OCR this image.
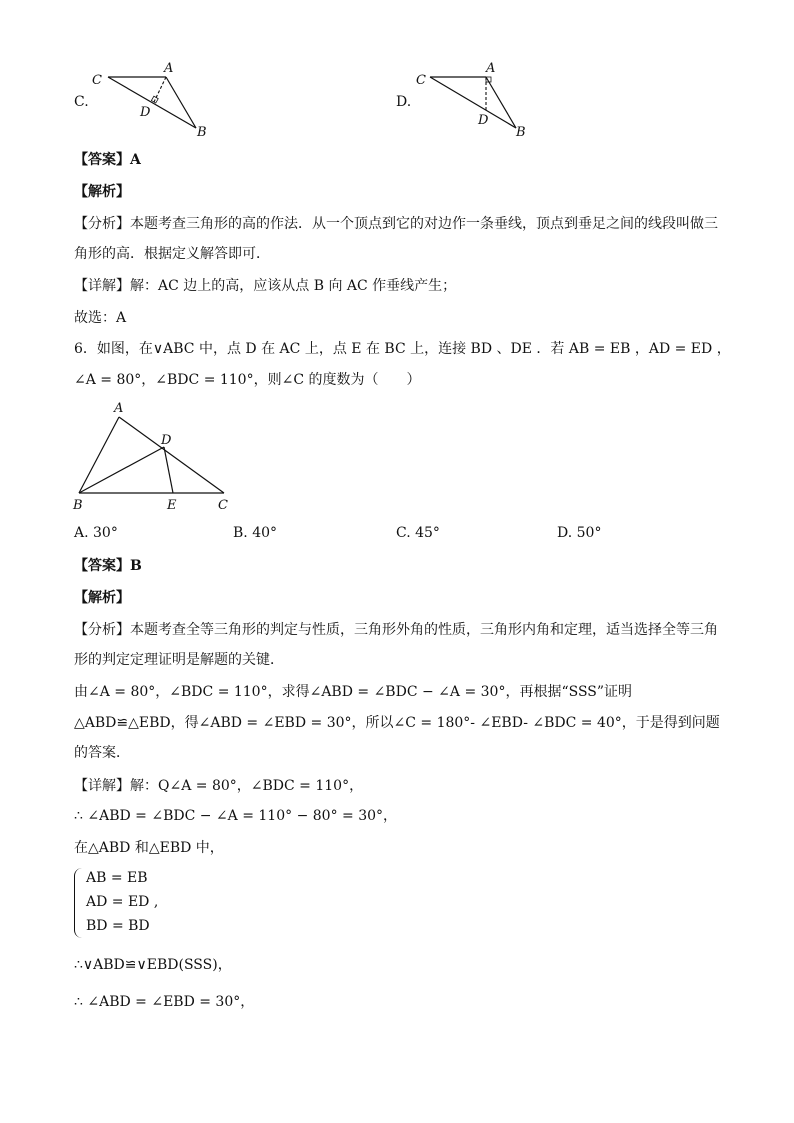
C.
C
A
D
B
D.
C
A
D
B
【答案】A
【解析】
【分析】本题考查三角形的高的作法．从一个顶点到它的对边作一条垂线，顶点到垂足之间的线段叫做三
角形的高．根据定义解答即可．
【详解】解：AC 边上的高，应该从点 B 向 AC 作垂线产生；
故选：A
6．如图，在∨ABC 中，点 D 在 AC 上，点 E 在 BC 上，连接 BD 、DE ．若 AB = EB ，AD = ED ，
∠A = 80°，∠BDC = 110°，则∠C 的度数为（　　）
A
D
B	E	C
A. 30°	B. 40°	C. 45°	D. 50°
【答案】B
【解析】
【分析】本题考查全等三角形的判定与性质，三角形外角的性质，三角形内角和定理，适当选择全等三角
形的判定定理证明是解题的关键．
由∠A = 80°，∠BDC = 110°，求得∠ABD = ∠BDC − ∠A = 30°，再根据“SSS”证明
△ABD≌△EBD，得∠ABD = ∠EBD = 30°，所以∠C = 180°- ∠EBD- ∠BDC = 40°，于是得到问题
的答案．
【详解】解：Q∠A = 80°，∠BDC = 110°，
∴ ∠ABD = ∠BDC − ∠A = 110° − 80° = 30°，
在△ABD 和△EBD 中，
AB = EB
AD = ED ,
BD = BD
∴∨ABD≌∨EBD(SSS)，
∴ ∠ABD = ∠EBD = 30°，
